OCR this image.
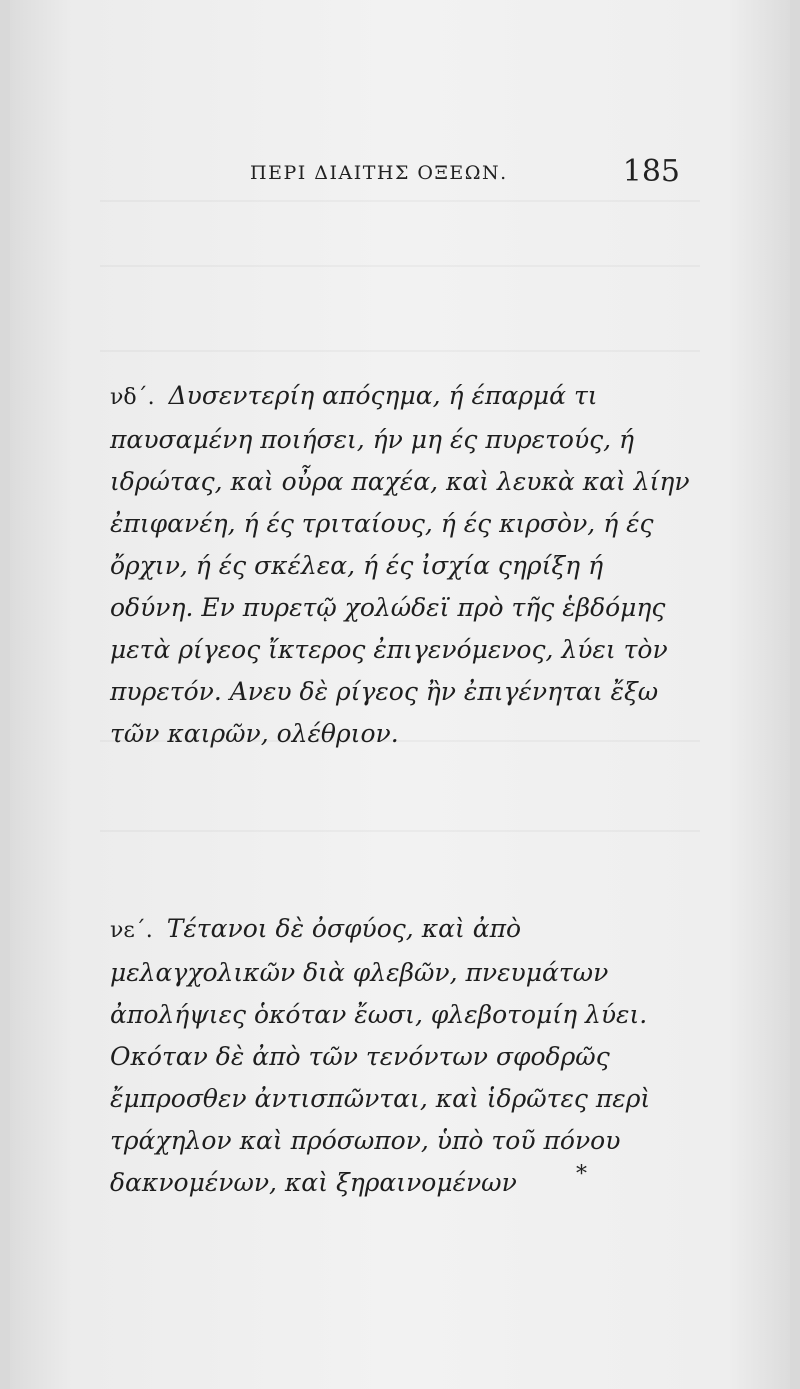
ΠΕΡΙ ΔΙΑΙΤΗΣ ΟΞΕΩΝ.	185
νδ΄. Δυσεντερίη απόςημα, ή έπαρμά τι παυσαμένη ποιήσει, ήν μη ές πυρετούς, ή ιδρώτας, καὶ οὖρα παχέα, καὶ λευκὰ καὶ λίην ἐπιφανέη, ή ές τριταίους, ή ές κιρσὸν, ή ές ὄρχιν, ή ές σκέλεα, ή ές ἰσχία ςηρίξη ή οδύνη. Εν πυρετῷ χολώδεϊ πρὸ τῆς ἑβδόμης μετὰ ρίγεος ἴκτερος ἐπιγενόμενος, λύει τὸν πυρετόν. Ανευ δὲ ρίγεος ἢν ἐπιγένηται ἔξω τῶν καιρῶν, ολέθριον.
νε΄. Τέτανοι δὲ ὀσφύος, καὶ ἀπὸ μελαγχολικῶν διὰ φλεβῶν, πνευμάτων ἀπολήψιες ὁκόταν ἔωσι, φλεβοτομίη λύει. Οκόταν δὲ ἀπὸ τῶν τενόντων σφοδρῶς ἔμπροσθεν ἀντισπῶνται, καὶ ἱδρῶτες περὶ τράχηλον καὶ πρόσωπον, ὑπὸ τοῦ πόνου δακνομένων, καὶ ξηραινομένων	*
